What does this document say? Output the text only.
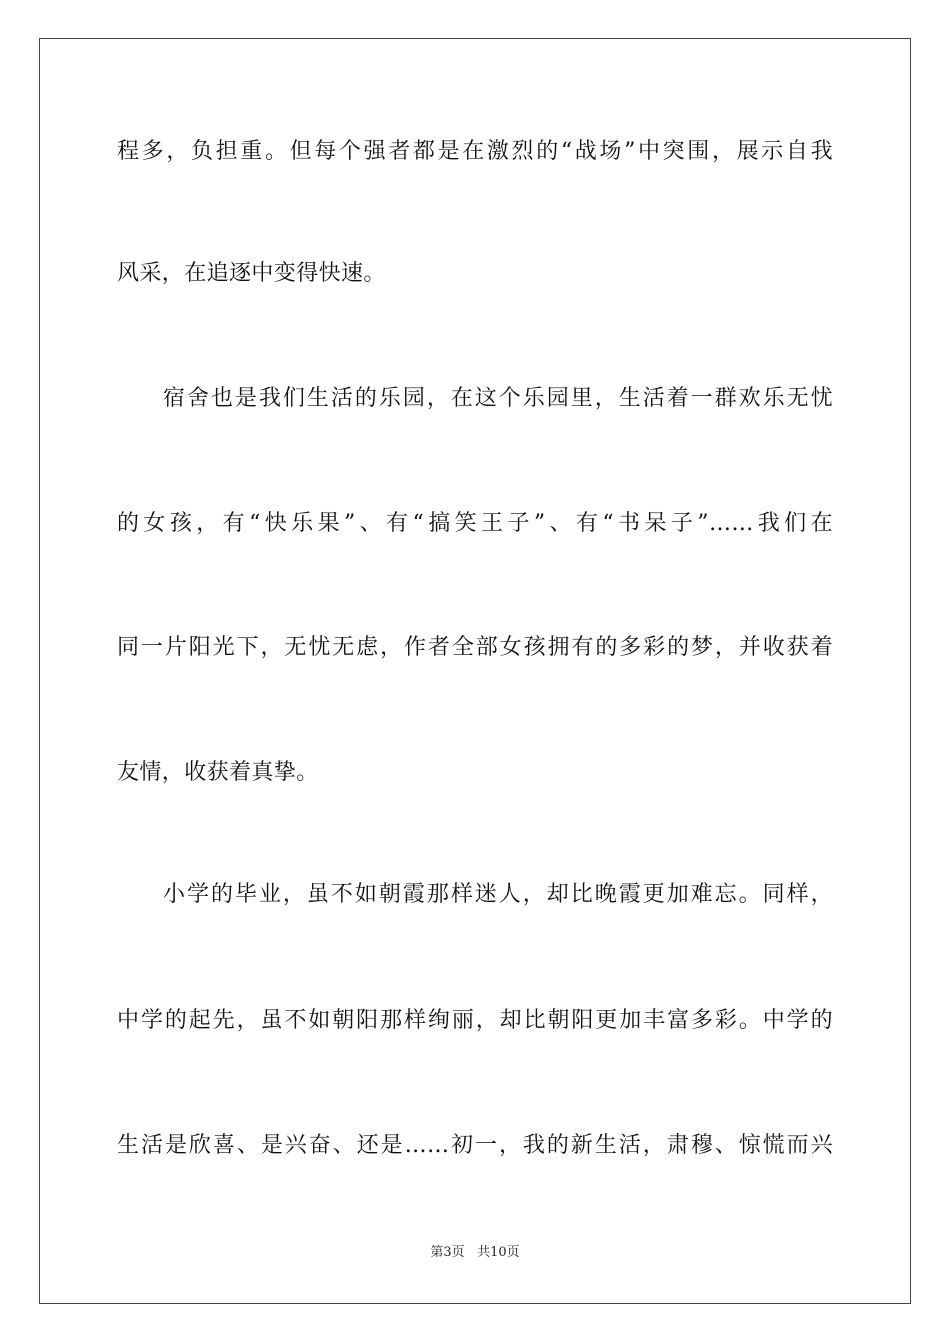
程多，负担重。但每个强者都是在激烈的“战场”中突围，展示自我
风采，在追逐中变得快速。
宿舍也是我们生活的乐园，在这个乐园里，生活着一群欢乐无忧
的女孩，有“快乐果”、有“搞笑王子”、有“书呆子”……我们在
同一片阳光下，无忧无虑，作者全部女孩拥有的多彩的梦，并收获着
友情，收获着真挚。
小学的毕业，虽不如朝霞那样迷人，却比晚霞更加难忘。同样，
中学的起先，虽不如朝阳那样绚丽，却比朝阳更加丰富多彩。中学的
生活是欣喜、是兴奋、还是……初一，我的新生活，肃穆、惊慌而兴
第3页 共10页
